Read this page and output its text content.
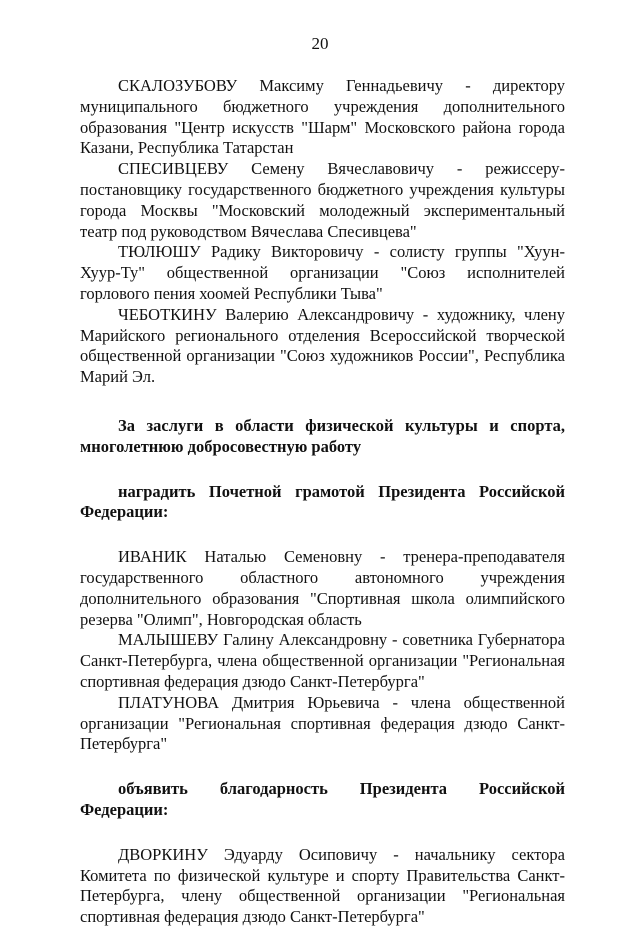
20

СКАЛОЗУБОВУ Максиму Геннадьевичу - директору муниципального бюджетного учреждения дополнительного образования "Центр искусств "Шарм" Московского района города Казани, Республика Татарстан

СПЕСИВЦЕВУ Семену Вячеславовичу - режиссеру-постановщику государственного бюджетного учреждения культуры города Москвы "Московский молодежный экспериментальный театр под руководством Вячеслава Спесивцева"

ТЮЛЮШУ Радику Викторовичу - солисту группы "Хуун-Хуур-Ту" общественной организации "Союз исполнителей горлового пения хоомей Республики Тыва"

ЧЕБОТКИНУ Валерию Александровичу - художнику, члену Марийского регионального отделения Всероссийской творческой общественной организации "Союз художников России", Республика Марий Эл.

За заслуги в области физической культуры и спорта, многолетнюю добросовестную работу

наградить Почетной грамотой Президента Российской Федерации:

ИВАНИК Наталью Семеновну - тренера-преподавателя государственного областного автономного учреждения дополнительного образования "Спортивная школа олимпийского резерва "Олимп", Новгородская область

МАЛЫШЕВУ Галину Александровну - советника Губернатора Санкт-Петербурга, члена общественной организации "Региональная спортивная федерация дзюдо Санкт-Петербурга"

ПЛАТУНОВА Дмитрия Юрьевича - члена общественной организации "Региональная спортивная федерация дзюдо Санкт-Петербурга"

объявить благодарность Президента Российской Федерации:

ДВОРКИНУ Эдуарду Осиповичу - начальнику сектора Комитета по физической культуре и спорту Правительства Санкт-Петербурга, члену общественной организации "Региональная спортивная федерация дзюдо Санкт-Петербурга"
